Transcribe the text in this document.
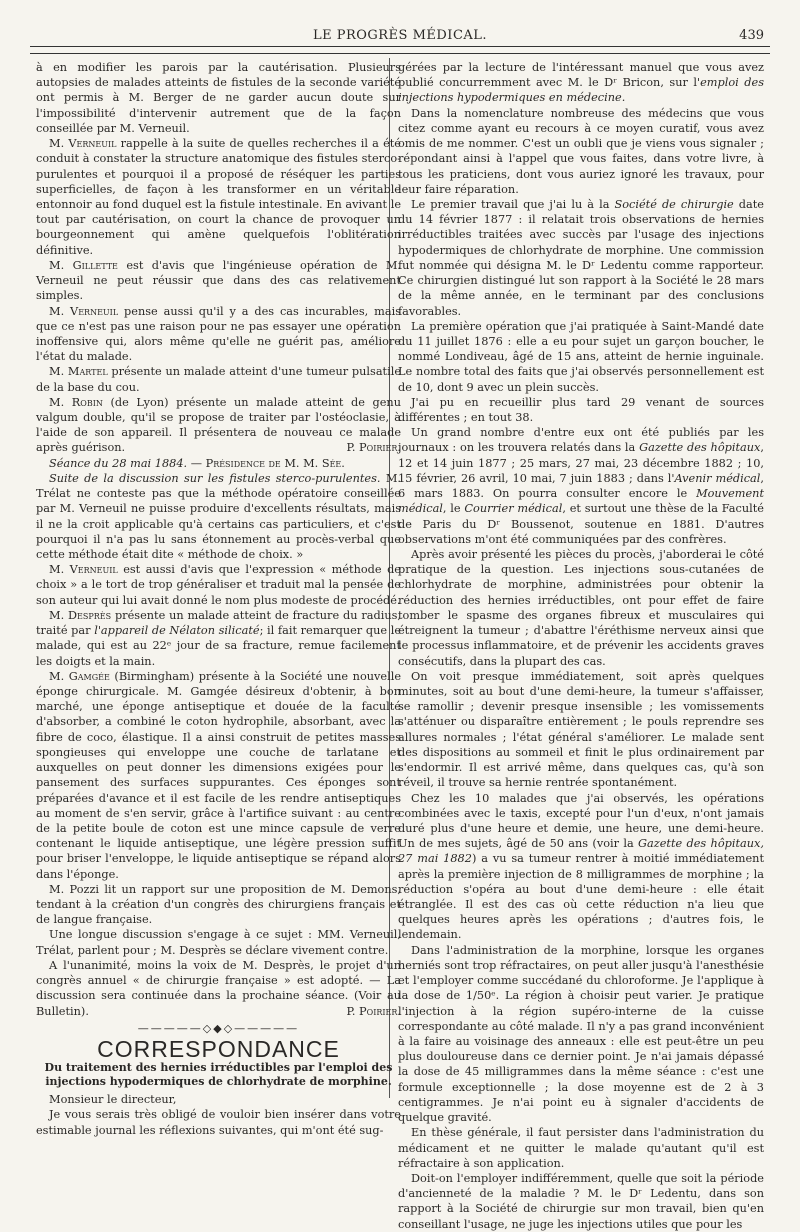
LE PROGRÈS MÉDICAL.	439

à en modifier les parois par la cautérisation. Plusieurs autopsies de malades atteints de fistules de la seconde variété ont permis à M. Berger de ne garder aucun doute sur l'impossibilité d'intervenir autrement que de la façon conseillée par M. Verneuil.

M. Verneuil rappelle à la suite de quelles recherches il a été conduit à constater la structure anatomique des fistules sterco-purulentes et pourquoi il a proposé de réséquer les parties superficielles, de façon à les transformer en un véritable entonnoir au fond duquel est la fistule intestinale. En avivant le tout par cautérisation, on court la chance de provoquer un bourgeonnement qui amène quelquefois l'oblitération définitive.

M. Gillette est d'avis que l'ingénieuse opération de M. Verneuil ne peut réussir que dans des cas relativement simples.

M. Verneuil pense aussi qu'il y a des cas incurables, mais que ce n'est pas une raison pour ne pas essayer une opération inoffensive qui, alors même qu'elle ne guérit pas, améliore l'état du malade.

M. Martel présente un malade atteint d'une tumeur pulsatile de la base du cou.

M. Robin (de Lyon) présente un malade atteint de genu valgum double, qu'il se propose de traiter par l'ostéoclasie, à l'aide de son appareil. Il présentera de nouveau ce malade après guérison.	P. Poirier.

Séance du 28 mai 1884. — Présidence de M. M. Sée.

Suite de la discussion sur les fistules sterco-purulentes. M. Trélat ne conteste pas que la méthode opératoire conseillée par M. Verneuil ne puisse produire d'excellents résultats, mais il ne la croit applicable qu'à certains cas particuliers, et c'est pourquoi il n'a pas lu sans étonnement au procès-verbal que cette méthode était dite « méthode de choix. »

M. Verneuil est aussi d'avis que l'expression « méthode de choix » a le tort de trop généraliser et traduit mal la pensée de son auteur qui lui avait donné le nom plus modeste de procédé.

M. Desprès présente un malade atteint de fracture du radius, traité par l'appareil de Nélaton silicaté; il fait remarquer que le malade, qui est au 22ᵉ jour de sa fracture, remue facilement les doigts et la main.

M. Gamgée (Birmingham) présente à la Société une nouvelle éponge chirurgicale. M. Gamgée désireux d'obtenir, à bon marché, une éponge antiseptique et douée de la faculté d'absorber, a combiné le coton hydrophile, absorbant, avec la fibre de coco, élastique. Il a ainsi construit de petites masses spongieuses qui enveloppe une couche de tarlatane et auxquelles on peut donner les dimensions exigées pour le pansement des surfaces suppurantes. Ces éponges sont préparées d'avance et il est facile de les rendre antiseptiques au moment de s'en servir, grâce à l'artifice suivant : au centre de la petite boule de coton est une mince capsule de verre contenant le liquide antiseptique, une légère pression suffit pour briser l'enveloppe, le liquide antiseptique se répand alors dans l'éponge.

M. Pozzi lit un rapport sur une proposition de M. Demons, tendant à la création d'un congrès des chirurgiens français et de langue française.

Une longue discussion s'engage à ce sujet : MM. Verneuil, Trélat, parlent pour ; M. Desprès se déclare vivement contre.

A l'unanimité, moins la voix de M. Desprès, le projet d'un congrès annuel « de chirurgie française » est adopté. — La discussion sera continuée dans la prochaine séance. (Voir au Bulletin).	P. Poirier.

—————◇◆◇—————
CORRESPONDANCE
Du traitement des hernies irréductibles par l'emploi des injections hypodermiques de chlorhydrate de morphine.

Monsieur le directeur,

Je vous serais très obligé de vouloir bien insérer dans votre estimable journal les réflexions suivantes, qui m'ont été sug-

gérées par la lecture de l'intéressant manuel que vous avez publié concurremment avec M. le Dʳ Bricon, sur l'emploi des injections hypodermiques en médecine.

Dans la nomenclature nombreuse des médecins que vous citez comme ayant eu recours à ce moyen curatif, vous avez omis de me nommer. C'est un oubli que je viens vous signaler ; répondant ainsi à l'appel que vous faites, dans votre livre, à tous les praticiens, dont vous auriez ignoré les travaux, pour leur faire réparation.

Le premier travail que j'ai lu à la Société de chirurgie date du 14 février 1877 : il relatait trois observations de hernies irréductibles traitées avec succès par l'usage des injections hypodermiques de chlorhydrate de morphine. Une commission fut nommée qui désigna M. le Dʳ Ledentu comme rapporteur. Ce chirurgien distingué lut son rapport à la Société le 28 mars de la même année, en le terminant par des conclusions favorables.

La première opération que j'ai pratiquée à Saint-Mandé date du 11 juillet 1876 : elle a eu pour sujet un garçon boucher, le nommé Londiveau, âgé de 15 ans, atteint de hernie inguinale. Le nombre total des faits que j'ai observés personnellement est de 10, dont 9 avec un plein succès.

J'ai pu en recueillir plus tard 29 venant de sources différentes ; en tout 38.

Un grand nombre d'entre eux ont été publiés par les journaux : on les trouvera relatés dans la Gazette des hôpitaux, 12 et 14 juin 1877 ; 25 mars, 27 mai, 23 décembre 1882 ; 10, 15 février, 26 avril, 10 mai, 7 juin 1883 ; dans l'Avenir médical, 6 mars 1883. On pourra consulter encore le Mouvement médical, le Courrier médical, et surtout une thèse de la Faculté de Paris du Dʳ Boussenot, soutenue en 1881. D'autres observations m'ont été communiquées par des confrères.

Après avoir présenté les pièces du procès, j'aborderai le côté pratique de la question. Les injections sous-cutanées de chlorhydrate de morphine, administrées pour obtenir la réduction des hernies irréductibles, ont pour effet de faire tomber le spasme des organes fibreux et musculaires qui étreignent la tumeur ; d'abattre l'éréthisme nerveux ainsi que le processus inflammatoire, et de prévenir les accidents graves consécutifs, dans la plupart des cas.

On voit presque immédiatement, soit après quelques minutes, soit au bout d'une demi-heure, la tumeur s'affaisser, se ramollir ; devenir presque insensible ; les vomissements s'atténuer ou disparaître entièrement ; le pouls reprendre ses allures normales ; l'état général s'améliorer. Le malade sent des dispositions au sommeil et finit le plus ordinairement par s'endormir. Il est arrivé même, dans quelques cas, qu'à son réveil, il trouve sa hernie rentrée spontanément.

Chez les 10 malades que j'ai observés, les opérations combinées avec le taxis, excepté pour l'un d'eux, n'ont jamais duré plus d'une heure et demie, une heure, une demi-heure. Un de mes sujets, âgé de 50 ans (voir la Gazette des hôpitaux, 27 mai 1882) a vu sa tumeur rentrer à moitié immédiatement après la première injection de 8 milligrammes de morphine ; la réduction s'opéra au bout d'une demi-heure : elle était étranglée. Il est des cas où cette réduction n'a lieu que quelques heures après les opérations ; d'autres fois, le lendemain.

Dans l'administration de la morphine, lorsque les organes herniés sont trop réfractaires, on peut aller jusqu'à l'anesthésie et l'employer comme succédané du chloroforme. Je l'applique à la dose de 1/50ᵉ. La région à choisir peut varier. Je pratique l'injection à la région supéro-interne de la cuisse correspondante au côté malade. Il n'y a pas grand inconvénient à la faire au voisinage des anneaux : elle est peut-être un peu plus douloureuse dans ce dernier point. Je n'ai jamais dépassé la dose de 45 milligrammes dans la même séance : c'est une formule exceptionnelle ; la dose moyenne est de 2 à 3 centigrammes. Je n'ai point eu à signaler d'accidents de quelque gravité.

En thèse générale, il faut persister dans l'administration du médicament et ne quitter le malade qu'autant qu'il est réfractaire à son application.

Doit-on l'employer indifféremment, quelle que soit la période d'ancienneté de la maladie ? M. le Dʳ Ledentu, dans son rapport à la Société de chirurgie sur mon travail, bien qu'en conseillant l'usage, ne juge les injections utiles que pour les
